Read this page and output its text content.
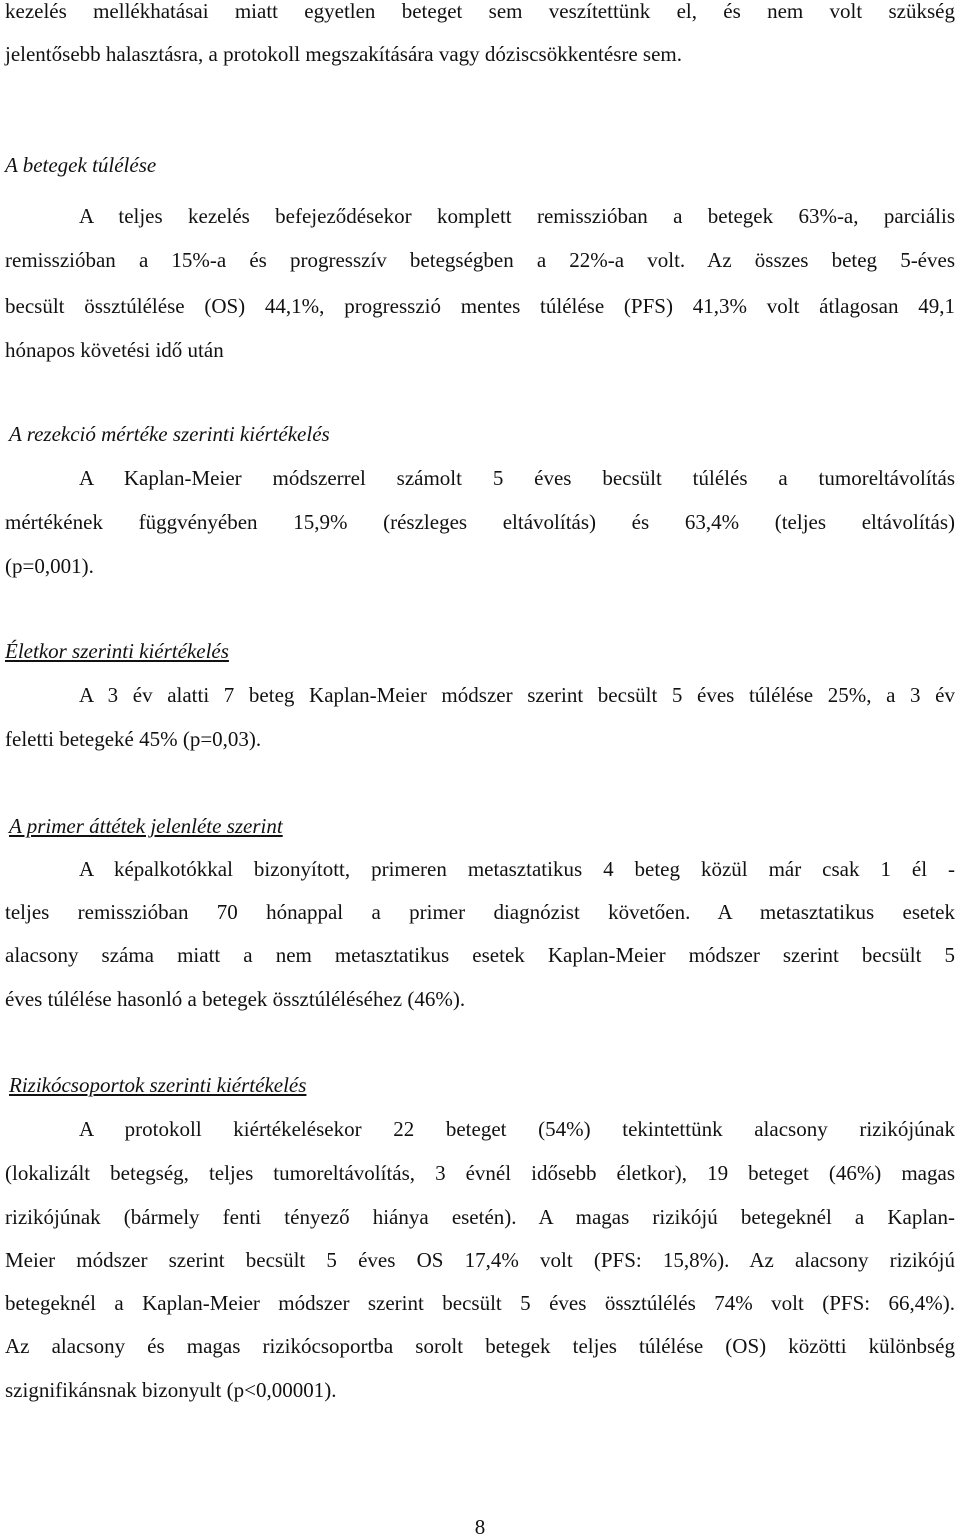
kezelés mellékhatásai miatt egyetlen beteget sem veszítettünk el, és nem volt szükség
jelentősebb halasztásra, a protokoll megszakítására vagy dóziscsökkentésre sem.
A betegek túlélése
A teljes kezelés befejeződésekor komplett remisszióban a betegek 63%-a, parciális
remisszióban a 15%-a és progresszív betegségben a 22%-a volt. Az összes beteg 5-éves
becsült össztúlélése (OS) 44,1%, progresszió mentes túlélése (PFS) 41,3% volt átlagosan 49,1
hónapos követési idő után
A rezekció mértéke szerinti kiértékelés
A Kaplan-Meier módszerrel számolt 5 éves becsült túlélés a tumoreltávolítás
mértékének függvényében 15,9% (részleges eltávolítás) és 63,4% (teljes eltávolítás)
(p=0,001).
Életkor szerinti kiértékelés
A 3 év alatti 7 beteg Kaplan-Meier módszer szerint becsült 5 éves túlélése 25%, a 3 év
feletti betegeké 45% (p=0,03).
A primer áttétek jelenléte szerint
A képalkotókkal bizonyított, primeren metasztatikus 4 beteg közül már csak 1 él -
teljes remisszióban 70 hónappal a primer diagnózist követően. A metasztatikus esetek
alacsony száma miatt a nem metasztatikus esetek Kaplan-Meier módszer szerint becsült 5
éves túlélése hasonló a betegek össztúléléséhez (46%).
Rizikócsoportok szerinti kiértékelés
A protokoll kiértékelésekor 22 beteget (54%) tekintettünk alacsony rizikójúnak
(lokalizált betegség, teljes tumoreltávolítás, 3 évnél idősebb életkor), 19 beteget (46%) magas
rizikójúnak (bármely fenti tényező hiánya esetén). A magas rizikójú betegeknél a Kaplan-
Meier módszer szerint becsült 5 éves OS 17,4% volt (PFS: 15,8%). Az alacsony rizikójú
betegeknél a Kaplan-Meier módszer szerint becsült 5 éves össztúlélés 74% volt (PFS: 66,4%).
Az alacsony és magas rizikócsoportba sorolt betegek teljes túlélése (OS) közötti különbség
szignifikánsnak bizonyult (p<0,00001).
8
